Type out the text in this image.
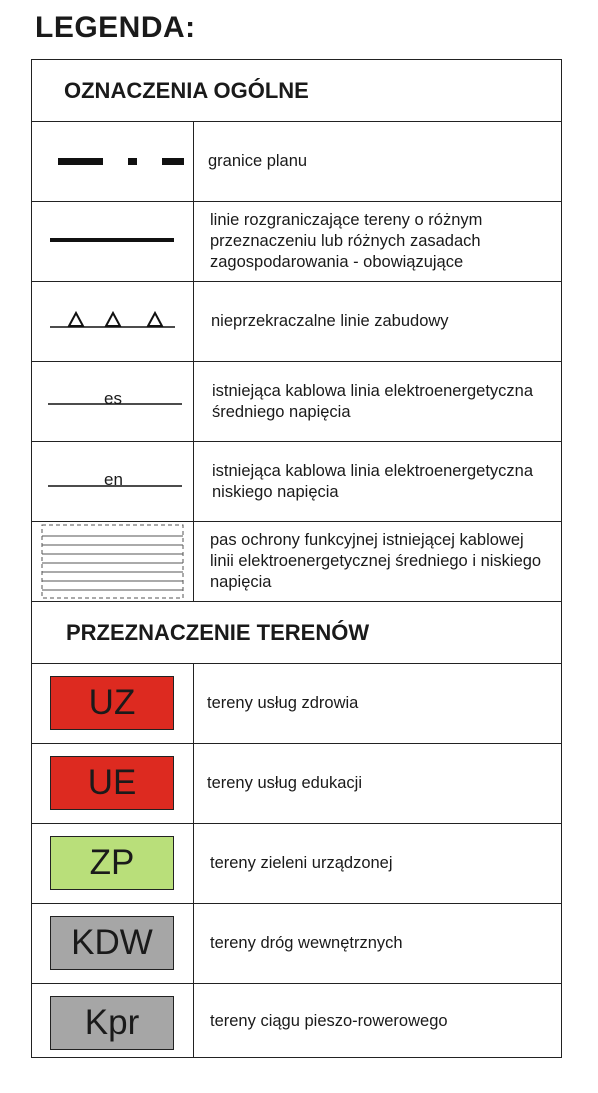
LEGENDA:
OZNACZENIA OGÓLNE
granice planu
linie rozgraniczające tereny o różnym przeznaczeniu lub różnych zasadach zagospodarowania - obowiązujące
nieprzekraczalne linie zabudowy
es	istniejąca kablowa linia elektroenergetyczna średniego napięcia
en	istniejąca kablowa linia elektroenergetyczna niskiego napięcia
pas ochrony funkcyjnej istniejącej kablowej linii elektroenergetycznej średniego i niskiego napięcia
PRZEZNACZENIE TERENÓW
UZ	tereny usług zdrowia
UE	tereny usług edukacji
ZP	tereny zieleni urządzonej
KDW	tereny dróg wewnętrznych
Kpr	tereny ciągu pieszo-rowerowego
